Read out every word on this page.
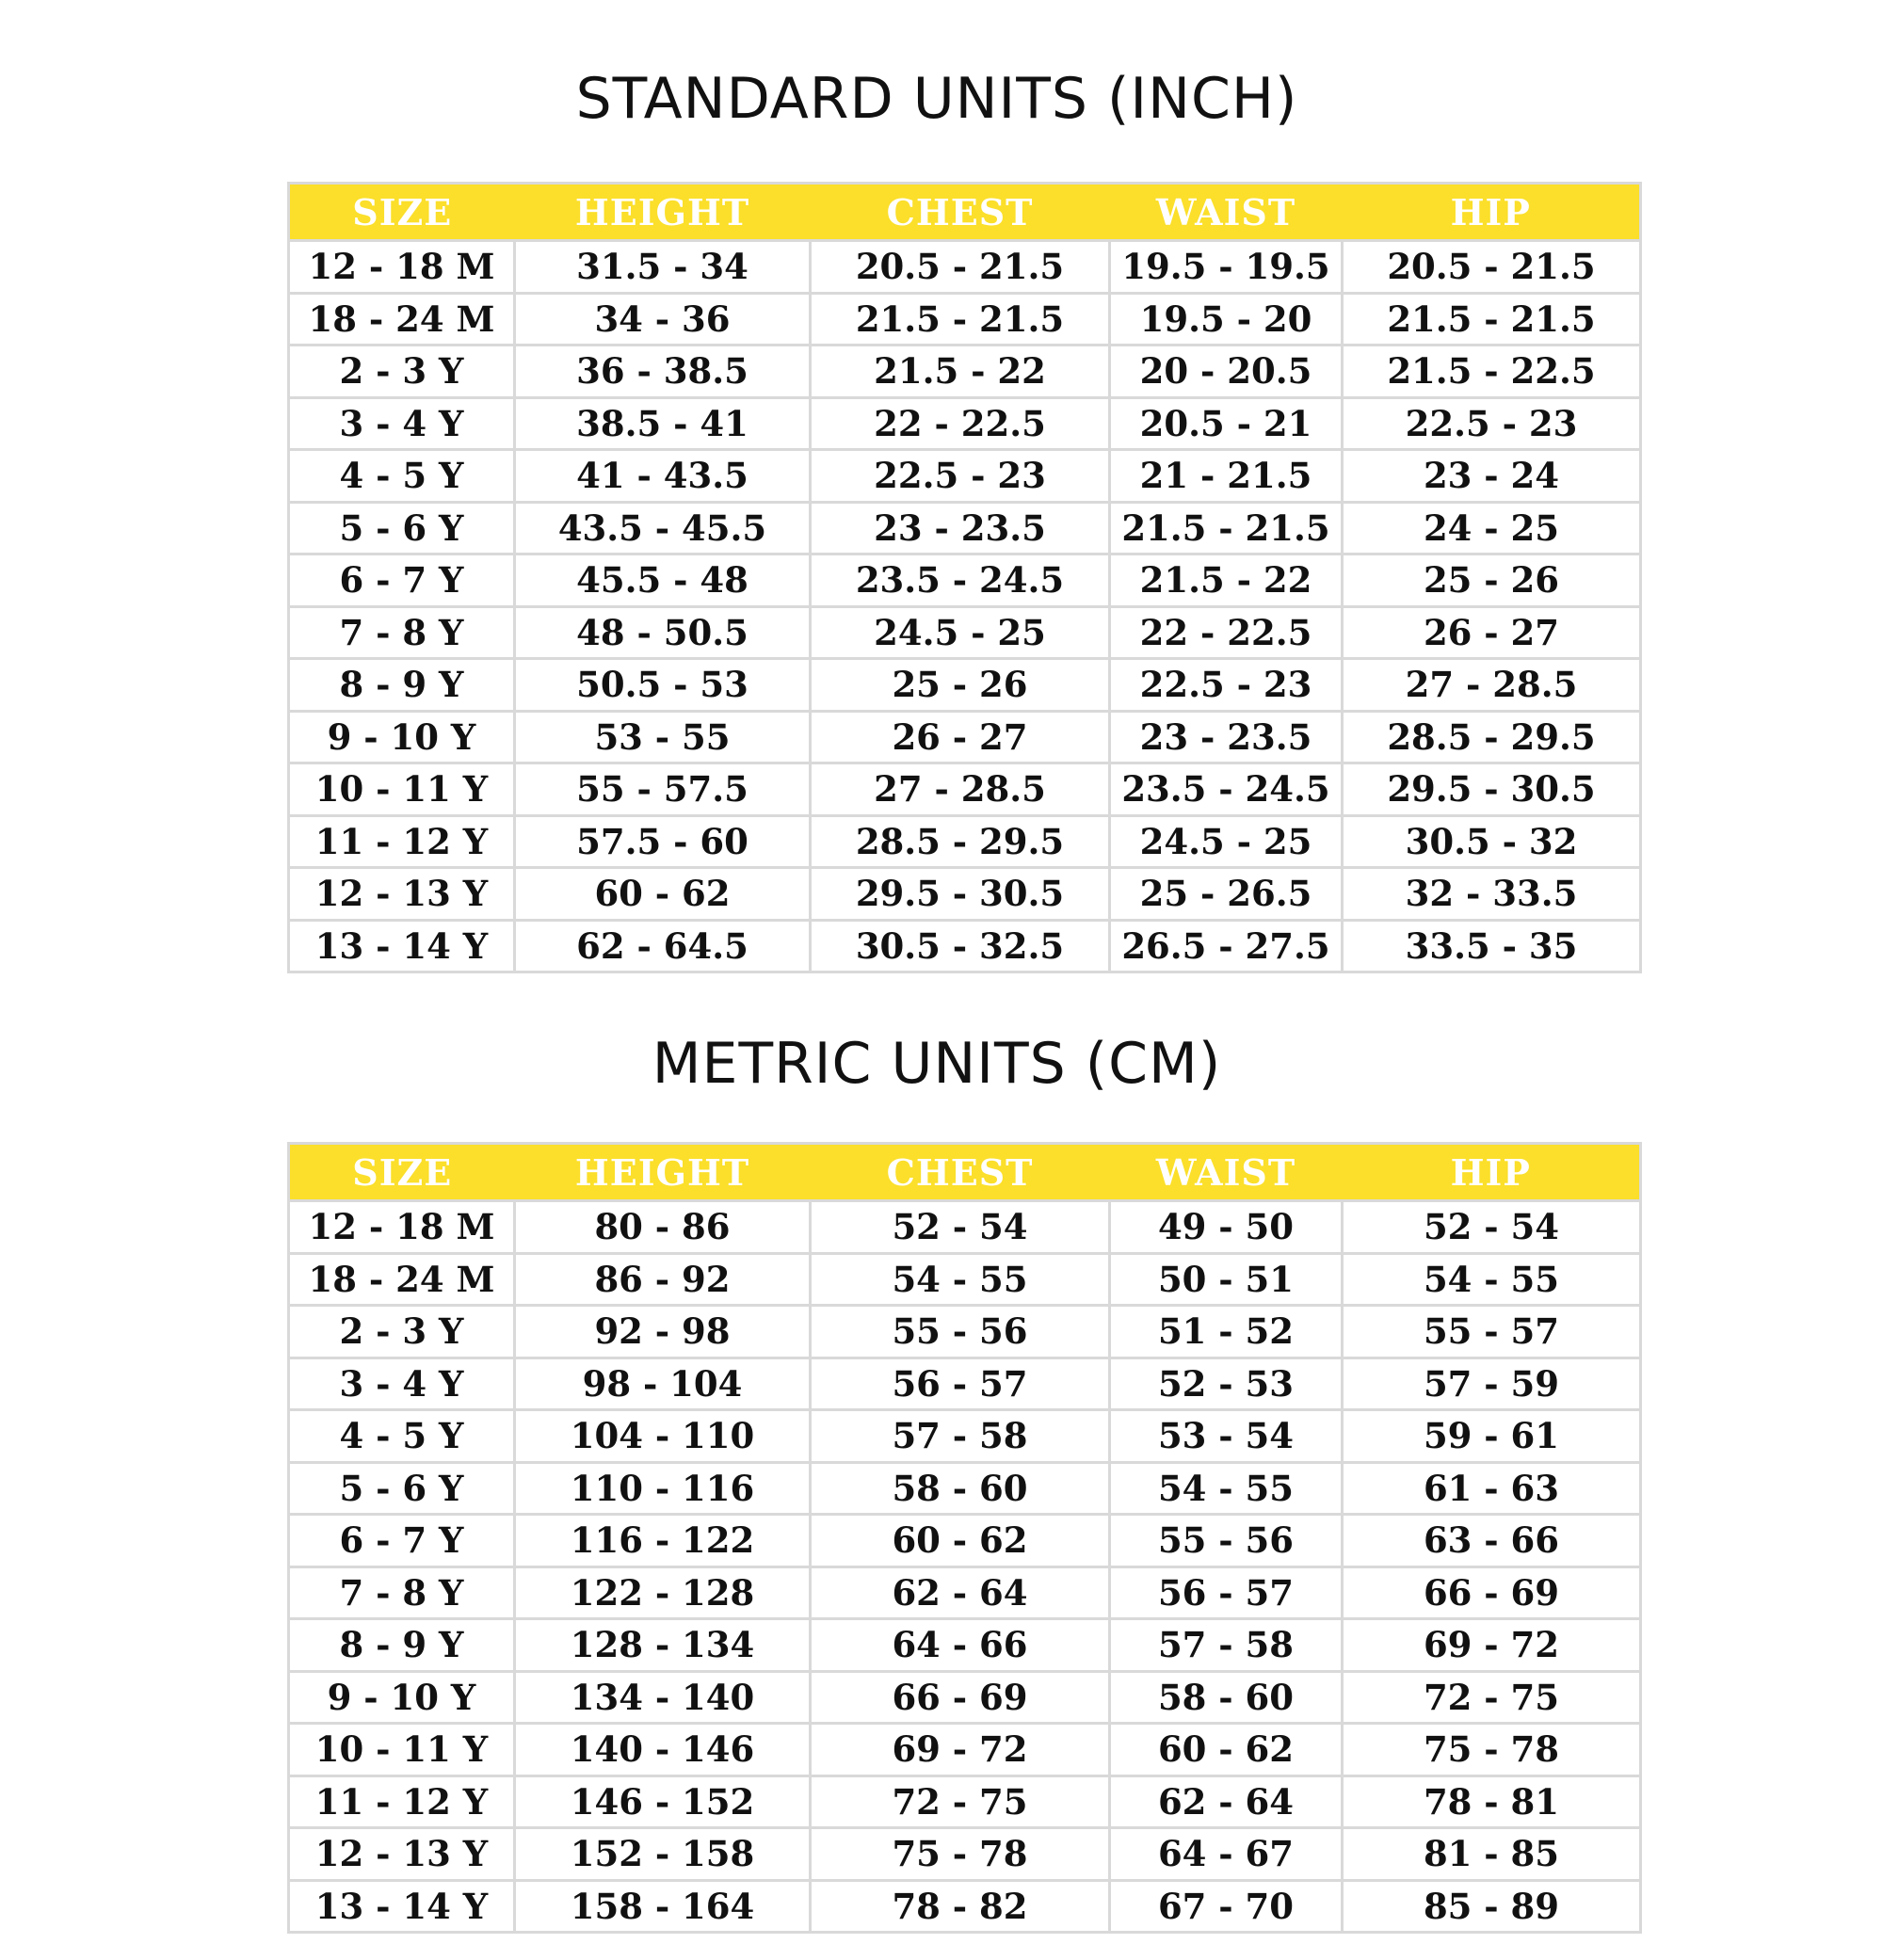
STANDARD UNITS (INCH)
SIZE	HEIGHT	CHEST	WAIST	HIP
12 - 18 M	31.5 - 34	20.5 - 21.5	19.5 - 19.5	20.5 - 21.5
18 - 24 M	34 - 36	21.5 - 21.5	19.5 - 20	21.5 - 21.5
2 - 3 Y	36 - 38.5	21.5 - 22	20 - 20.5	21.5 - 22.5
3 - 4 Y	38.5 - 41	22 - 22.5	20.5 - 21	22.5 - 23
4 - 5 Y	41 - 43.5	22.5 - 23	21 - 21.5	23 - 24
5 - 6 Y	43.5 - 45.5	23 - 23.5	21.5 - 21.5	24 - 25
6 - 7 Y	45.5 - 48	23.5 - 24.5	21.5 - 22	25 - 26
7 - 8 Y	48 - 50.5	24.5 - 25	22 - 22.5	26 - 27
8 - 9 Y	50.5 - 53	25 - 26	22.5 - 23	27 - 28.5
9 - 10 Y	53 - 55	26 - 27	23 - 23.5	28.5 - 29.5
10 - 11 Y	55 - 57.5	27 - 28.5	23.5 - 24.5	29.5 - 30.5
11 - 12 Y	57.5 - 60	28.5 - 29.5	24.5 - 25	30.5 - 32
12 - 13 Y	60 - 62	29.5 - 30.5	25 - 26.5	32 - 33.5
13 - 14 Y	62 - 64.5	30.5 - 32.5	26.5 - 27.5	33.5 - 35
METRIC UNITS (CM)
SIZE	HEIGHT	CHEST	WAIST	HIP
12 - 18 M	80 - 86	52 - 54	49 - 50	52 - 54
18 - 24 M	86 - 92	54 - 55	50 - 51	54 - 55
2 - 3 Y	92 - 98	55 - 56	51 - 52	55 - 57
3 - 4 Y	98 - 104	56 - 57	52 - 53	57 - 59
4 - 5 Y	104 - 110	57 - 58	53 - 54	59 - 61
5 - 6 Y	110 - 116	58 - 60	54 - 55	61 - 63
6 - 7 Y	116 - 122	60 - 62	55 - 56	63 - 66
7 - 8 Y	122 - 128	62 - 64	56 - 57	66 - 69
8 - 9 Y	128 - 134	64 - 66	57 - 58	69 - 72
9 - 10 Y	134 - 140	66 - 69	58 - 60	72 - 75
10 - 11 Y	140 - 146	69 - 72	60 - 62	75 - 78
11 - 12 Y	146 - 152	72 - 75	62 - 64	78 - 81
12 - 13 Y	152 - 158	75 - 78	64 - 67	81 - 85
13 - 14 Y	158 - 164	78 - 82	67 - 70	85 - 89
